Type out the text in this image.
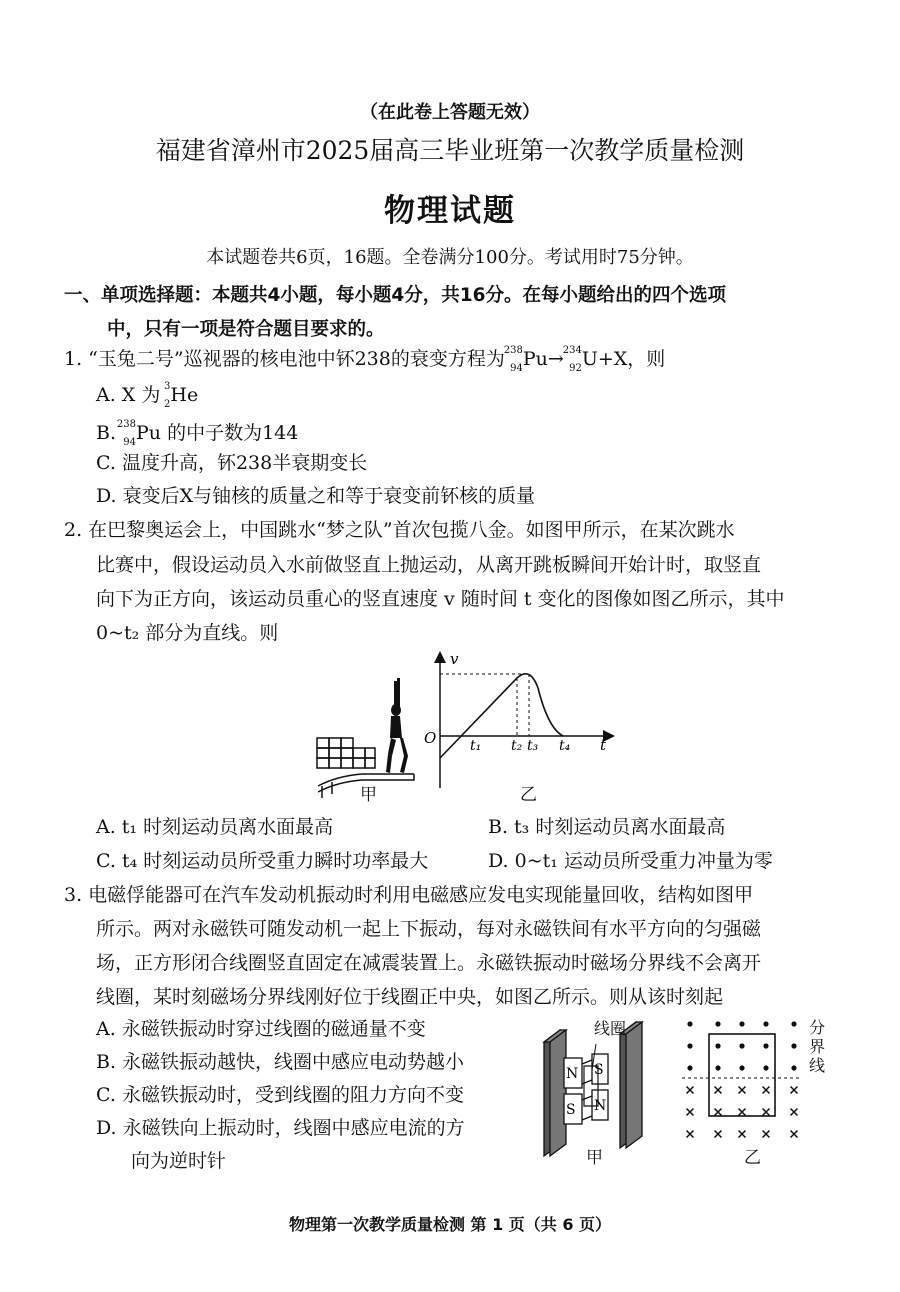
（在此卷上答题无效）
福建省漳州市2025届高三毕业班第一次教学质量检测
物理试题
本试题卷共6页，16题。全卷满分100分。考试用时75分钟。
一、单项选择题：本题共4小题，每小题4分，共16分。在每小题给出的四个选项
中，只有一项是符合题目要求的。
1. “玉兔二号”巡视器的核电池中钚238的衰变方程为
238
94 Pu→
234
92 U+X，则
A. X 为 3
2 He
B. 238
94 Pu 的中子数为144
C. 温度升高，钚238半衰期变长
D. 衰变后X与铀核的质量之和等于衰变前钚核的质量
2. 在巴黎奥运会上，中国跳水“梦之队”首次包揽八金。如图甲所示，在某次跳水
比赛中，假设运动员入水前做竖直上抛运动，从离开跳板瞬间开始计时，取竖直
向下为正方向，该运动员重心的竖直速度 v 随时间 t 变化的图像如图乙所示，其中
0~t₂ 部分为直线。则
甲
v
t
O t₁ t₂ t₃ t₄
乙
A. t₁ 时刻运动员离水面最高	B. t₃ 时刻运动员离水面最高
C. t₄ 时刻运动员所受重力瞬时功率最大	D. 0~t₁ 运动员所受重力冲量为零
3. 电磁俘能器可在汽车发动机振动时利用电磁感应发电实现能量回收，结构如图甲
所示。两对永磁铁可随发动机一起上下振动，每对永磁铁间有水平方向的匀强磁
场，正方形闭合线圈竖直固定在减震装置上。永磁铁振动时磁场分界线不会离开
线圈，某时刻磁场分界线刚好位于线圈正中央，如图乙所示。则从该时刻起
A. 永磁铁振动时穿过线圈的磁通量不变
B. 永磁铁振动越快，线圈中感应电动势越小
C. 永磁铁振动时，受到线圈的阻力方向不变
D. 永磁铁向上振动时，线圈中感应电流的方
向为逆时针
N S
S N
线圈
甲
分界线
乙
物理第一次教学质量检测 第 1 页（共 6 页）
